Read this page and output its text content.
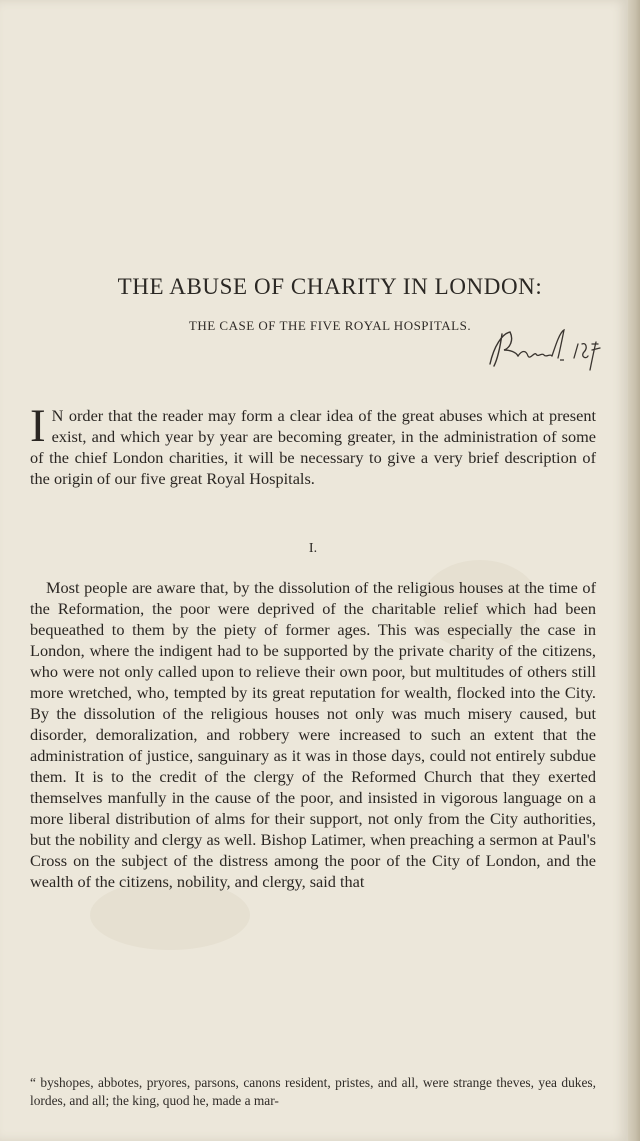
THE ABUSE OF CHARITY IN LONDON:
THE CASE OF THE FIVE ROYAL HOSPITALS.
IN order that the reader may form a clear idea of the great abuses which at present exist, and which year by year are becoming greater, in the administration of some of the chief London charities, it will be necessary to give a very brief description of the origin of our five great Royal Hospitals.
I.
Most people are aware that, by the dissolution of the religious houses at the time of the Reformation, the poor were deprived of the charitable relief which had been bequeathed to them by the piety of former ages. This was especially the case in London, where the indigent had to be supported by the private charity of the citizens, who were not only called upon to relieve their own poor, but multitudes of others still more wretched, who, tempted by its great reputation for wealth, flocked into the City. By the dissolution of the religious houses not only was much misery caused, but disorder, demoralization, and robbery were increased to such an extent that the administration of justice, sanguinary as it was in those days, could not entirely subdue them. It is to the credit of the clergy of the Reformed Church that they exerted themselves manfully in the cause of the poor, and insisted in vigorous language on a more liberal distribution of alms for their support, not only from the City authorities, but the nobility and clergy as well. Bishop Latimer, when preaching a sermon at Paul's Cross on the subject of the distress among the poor of the City of London, and the wealth of the citizens, nobility, and clergy, said that
“ byshopes, abbotes, pryores, parsons, canons resident, pristes, and all, were strange theves, yea dukes, lordes, and all; the king, quod he, made a mar-
